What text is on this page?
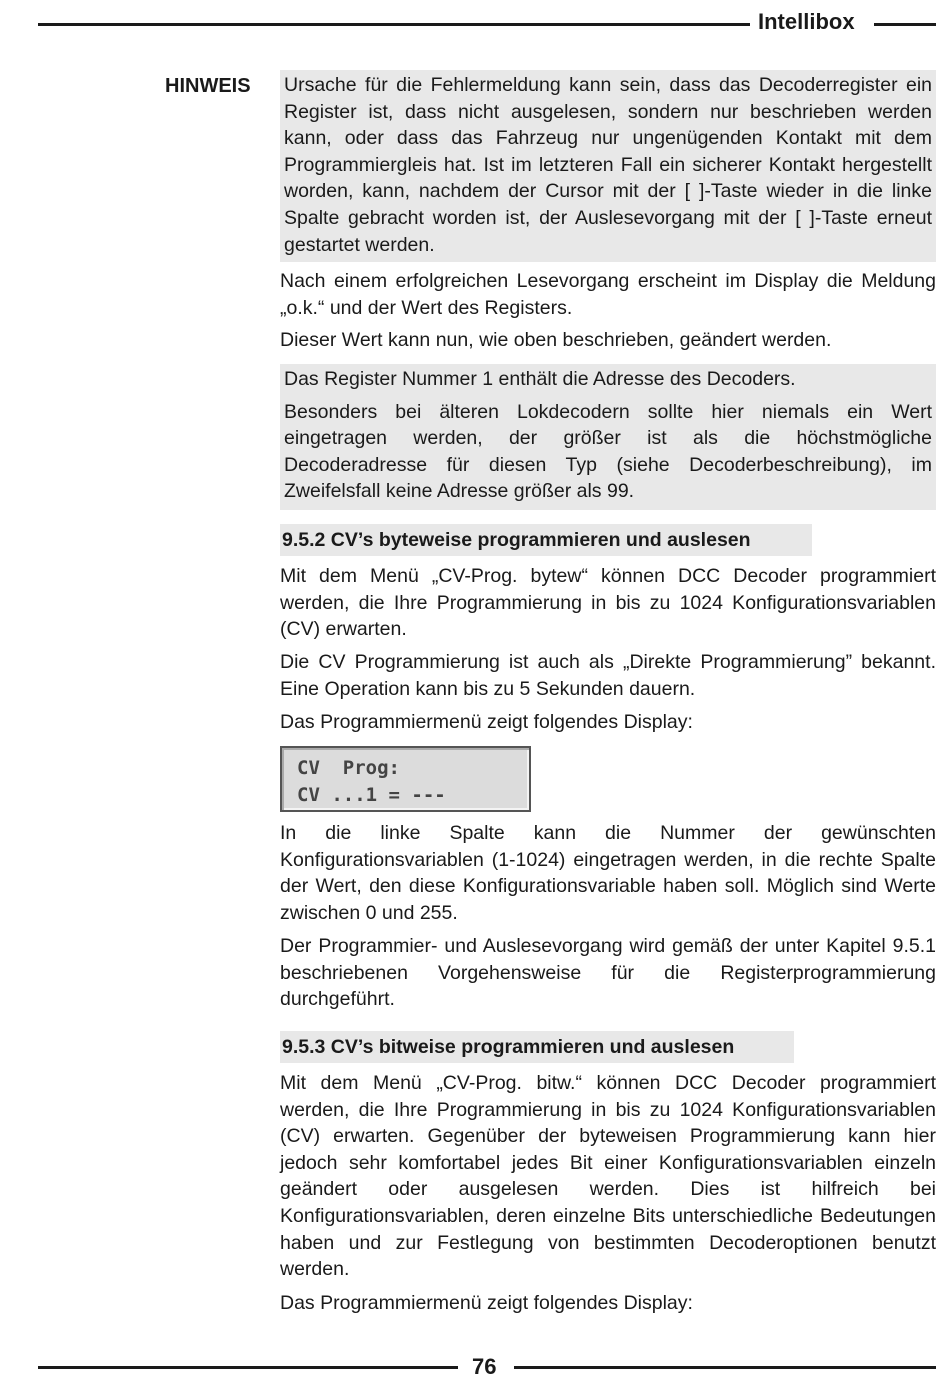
Intellibox
HINWEIS Ursache für die Fehlermeldung kann sein, dass das Decoderregister ein Register ist, dass nicht ausgelesen, sondern nur beschrieben werden kann, oder dass das Fahrzeug nur ungenügenden Kontakt mit dem Programmiergleis hat. Ist im letzteren Fall ein sicherer Kontakt hergestellt worden, kann, nachdem der Cursor mit der [ ]-Taste wieder in die linke Spalte gebracht worden ist, der Auslesevorgang mit der [ ]-Taste erneut gestartet werden.

Nach einem erfolgreichen Lesevorgang erscheint im Display die Meldung „o.k.“ und der Wert des Registers.

Dieser Wert kann nun, wie oben beschrieben, geändert werden.

Das Register Nummer 1 enthält die Adresse des Decoders.

Besonders bei älteren Lokdecodern sollte hier niemals ein Wert eingetragen werden, der größer ist als die höchstmögliche Decoderadresse für diesen Typ (siehe Decoderbeschreibung), im Zweifelsfall keine Adresse größer als 99.

9.5.2 CV’s byteweise programmieren und auslesen

Mit dem Menü „CV-Prog. bytew“ können DCC Decoder programmiert werden, die Ihre Programmierung in bis zu 1024 Konfigurationsvariablen (CV) erwarten.

Die CV Programmierung ist auch als „Direkte Programmierung” bekannt. Eine Operation kann bis zu 5 Sekunden dauern.

Das Programmiermenü zeigt folgendes Display:

CV  Prog:
CV ...1 = ---

In die linke Spalte kann die Nummer der gewünschten Konfigurationsvariablen (1-1024) eingetragen werden, in die rechte Spalte der Wert, den diese Konfigurationsvariable haben soll. Möglich sind Werte zwischen 0 und 255.

Der Programmier- und Auslesevorgang wird gemäß der unter Kapitel 9.5.1 beschriebenen Vorgehensweise für die Registerprogrammierung durchgeführt.

9.5.3 CV’s bitweise programmieren und auslesen

Mit dem Menü „CV-Prog. bitw.“ können DCC Decoder programmiert werden, die Ihre Programmierung in bis zu 1024 Konfigurationsvariablen (CV) erwarten. Gegenüber der byteweisen Programmierung kann hier jedoch sehr komfortabel jedes Bit einer Konfigurationsvariablen einzeln geändert oder ausgelesen werden. Dies ist hilfreich bei Konfigurationsvariablen, deren einzelne Bits unterschiedliche Bedeutungen haben und zur Festlegung von bestimmten Decoderoptionen benutzt werden.

Das Programmiermenü zeigt folgendes Display:

76
